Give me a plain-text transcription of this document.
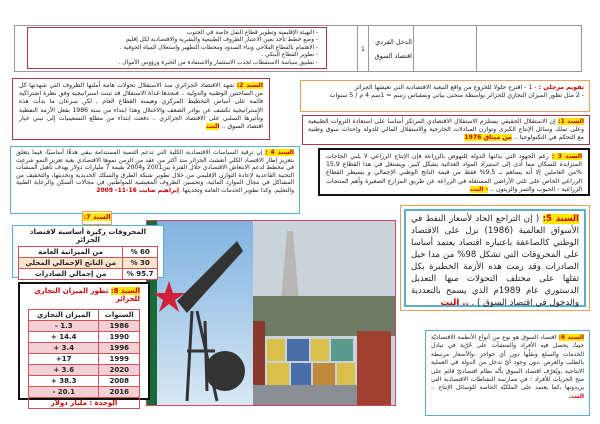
	1	
الدخل الفردي
اقتصاد السوق

- التهيئة الإقليمية وتطوير قطاع النقل خاصة في الجنوب
- وضع خطط تأخذ بعين الاعتبار الظروف الطبيعية والبشرية والاقتصادية لكل إقليم
- الاهتمام بالقطاع الفلاحي وبناء السدود ومحطات التطهير واستغلال المياه الجوفية .
- تطوير القطاع البنكي .
- تطبيق سياسة الاستقطاب لجذب الاستثمار والاستفادة من الخبرة ورؤوس الأموال .
تقويم مرحلي : - 1 - اقترح حلولا للخروج من واقع التبعية الاقتصادية التي تعيشها الجزائر
- 2 مثل تطور الميزان التجاري للجزائر بواسطة منحنى بياني وبمقياس رسم = 1سم 4 م / 5 سنوات
السند 1: إن الاستقلال الحقيقي يستلزم الاستقلال الاقتصادي المرتكز أساسا على استعادة الثروات الطبيعية وعلى تملك وسائل الإنتاج الكبرى وتوازن المبادلات الخارجية والاستقلال المالي للدولة وإحداث سوق وطنية مع التحكم في التكنولوجيا .. من ميثاق 1976
السند 2: شهد الاقتصاد الجزائري منذ الاستقلال تحولات هامة أملتها الظروف التي شهدتها كل من الساحتين الوطنية والدولية .. فنجدها غداة الاستقلال قد تبنت استراتيجية وفق نظرة اشتراكية قائمة على أساس التخطيط المركزي وهيمنة القطاع العام , لكن سرعان ما بدأت هذه الإستراتيجية تكشف عن بوادر الضعف والاختلال وهذا ابتداء من سنة 1986 بفعل الأزمة النفطية وتأثيرها السلبي على الاقتصاد الجزائري .. دفعت ابتداء من مطلع التسعينيات إلى تبني خيار اقتصاد السوق .. النت
السند 4 : إن ترقية السياسات الاقتصادية الكلية التي تدعم التنمية المستدامة يبقى هدفًا أساسيًا، فيما يتعلق بتعزيز إطار الاقتصاد الكلي أنعشت الجزائر منذ أكثر من عقد من الزمن نموها الاقتصادي بغية تعزيز النمو شرعت في مخطط لدعم الانتعاش الاقتصادي خلال الفترة بين2001 و2004 بقيمة 7 مليارات دولار يهدف تأهيل المنشآت التحتية القاعدية لإعادة التوازن الإقليمي من خلال تطوير شبكة الطرق والسكك الحديدية وتحديثها، والتخفيف من المشاكل في مجال الموارد المائية، وتحسين الظروف المعيشية للمواطنين في مجالات السكن والرعاية الطبية والتعليم. وكذا تطوير الخدمات العامة وتحديثها. إبراهيم صايب 16-11- 2009
السند 3 : رغم الجهود التي بذلتها الدولة للنهوض بالزراعة فإن الإنتاج الزراعي لا يلبي الحاجات المتزايدة للسكان مما أدى إلى استيراد المواد الغذائية بشكل كبير. ويشتغل في هذا القطاع 15,9 %من العاملين إلا أنه يساهم بـ 9,5% فقط من قيمة الناتج الوطني الإجمالي و يسيطر القطاع الزراعي الخاص على ثلثي الأراضي المستغلة في الزراعة عن طريق المزارع الصغيرة وأهم المنتجات الزراعية - الحبوب والتمر والزيتون .. - النت
السند 7:
المحروقات ركيزة أساسية لاقتصاد الجزائر
60 %	من الميزانية العامة
30 %	من الناتج الإجمالي المحلي
95.7 %	من إجمالي الصادرات
السند 8: تطور الميزان التجاري للجزائر
السنوات	الميزان التجاري
1986	1.3 -
1990	14.4 +
1996	3.4 +
1999	17+
2020	3.6 +
2008	38.3 +
2016	20.1 -
الوحدة : مليار دولار	
السند 5: ( إن التراجع الحاد لأسعار النفط في الأسواق العالمية (1986) نزل على الاقتصاد الوطني كالصاعقة باعتباره اقتصاد يعتمد أساسا على المحروقات التي تشكل 98% من مدا خيل الصادرات وقد رمت هذه الأزمة الخطيرة بكل ثقلها على مختلف التحولات منها التعديل الدستوري عام 1989م الذي يسمح بالتعددية والدخول في اقتصاد السوق ) . .. النت
السند 6: اقتصاد السوق هو نوع من أنواع الأنظمة الاقتصاديّة حيثُ يحصل فيه الأفراد والمنشآت على حُرّية في تبادل الخدمات والسلع ونقلُها دون أي حواجز ،والأسعار مرتبطة بالطلب والعرض ،دون وجود أيّ تدخل من الدولة في العملية الانتاجية ،ويُعرّف اقتصاد السوق بأنّه نظام اقتصاديّ قائم على منح الحريات للأفراد ؛ في ممارسة النشاطات الاقتصادية التي يريدونها ،كما يعتمد على الملكيّة الخاصة للوسائل الإنتاج .. النت.
